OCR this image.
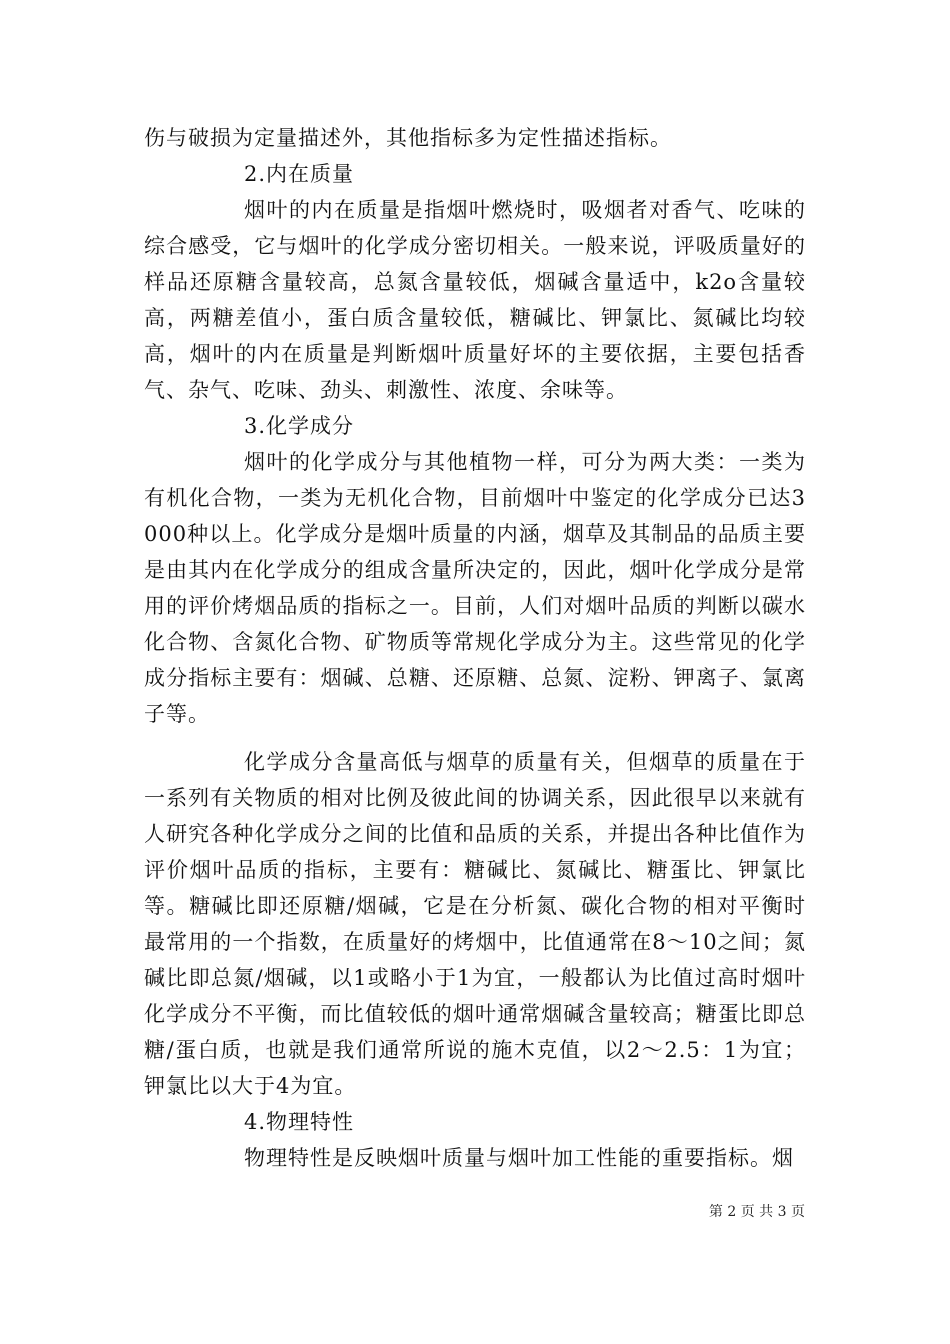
伤与破损为定量描述外，其他指标多为定性描述指标。

2.内在质量

烟叶的内在质量是指烟叶燃烧时，吸烟者对香气、吃味的综合感受，它与烟叶的化学成分密切相关。一般来说，评吸质量好的样品还原糖含量较高，总氮含量较低，烟碱含量适中，k2o含量较高，两糖差值小，蛋白质含量较低，糖碱比、钾氯比、氮碱比均较高，烟叶的内在质量是判断烟叶质量好坏的主要依据，主要包括香气、杂气、吃味、劲头、刺激性、浓度、余味等。

3.化学成分

烟叶的化学成分与其他植物一样，可分为两大类：一类为有机化合物，一类为无机化合物，目前烟叶中鉴定的化学成分已达3000种以上。化学成分是烟叶质量的内涵，烟草及其制品的品质主要是由其内在化学成分的组成含量所决定的，因此，烟叶化学成分是常用的评价烤烟品质的指标之一。目前，人们对烟叶品质的判断以碳水化合物、含氮化合物、矿物质等常规化学成分为主。这些常见的化学成分指标主要有：烟碱、总糖、还原糖、总氮、淀粉、钾离子、氯离子等。

化学成分含量高低与烟草的质量有关，但烟草的质量在于一系列有关物质的相对比例及彼此间的协调关系，因此很早以来就有人研究各种化学成分之间的比值和品质的关系，并提出各种比值作为评价烟叶品质的指标，主要有：糖碱比、氮碱比、糖蛋比、钾氯比等。糖碱比即还原糖/烟碱，它是在分析氮、碳化合物的相对平衡时最常用的一个指数，在质量好的烤烟中，比值通常在8～10之间；氮碱比即总氮/烟碱，以1或略小于1为宜，一般都认为比值过高时烟叶化学成分不平衡，而比值较低的烟叶通常烟碱含量较高；糖蛋比即总糖/蛋白质，也就是我们通常所说的施木克值，以2～2.5：1为宜；钾氯比以大于4为宜。

4.物理特性

物理特性是反映烟叶质量与烟叶加工性能的重要指标。烟

第 2 页 共 3 页
